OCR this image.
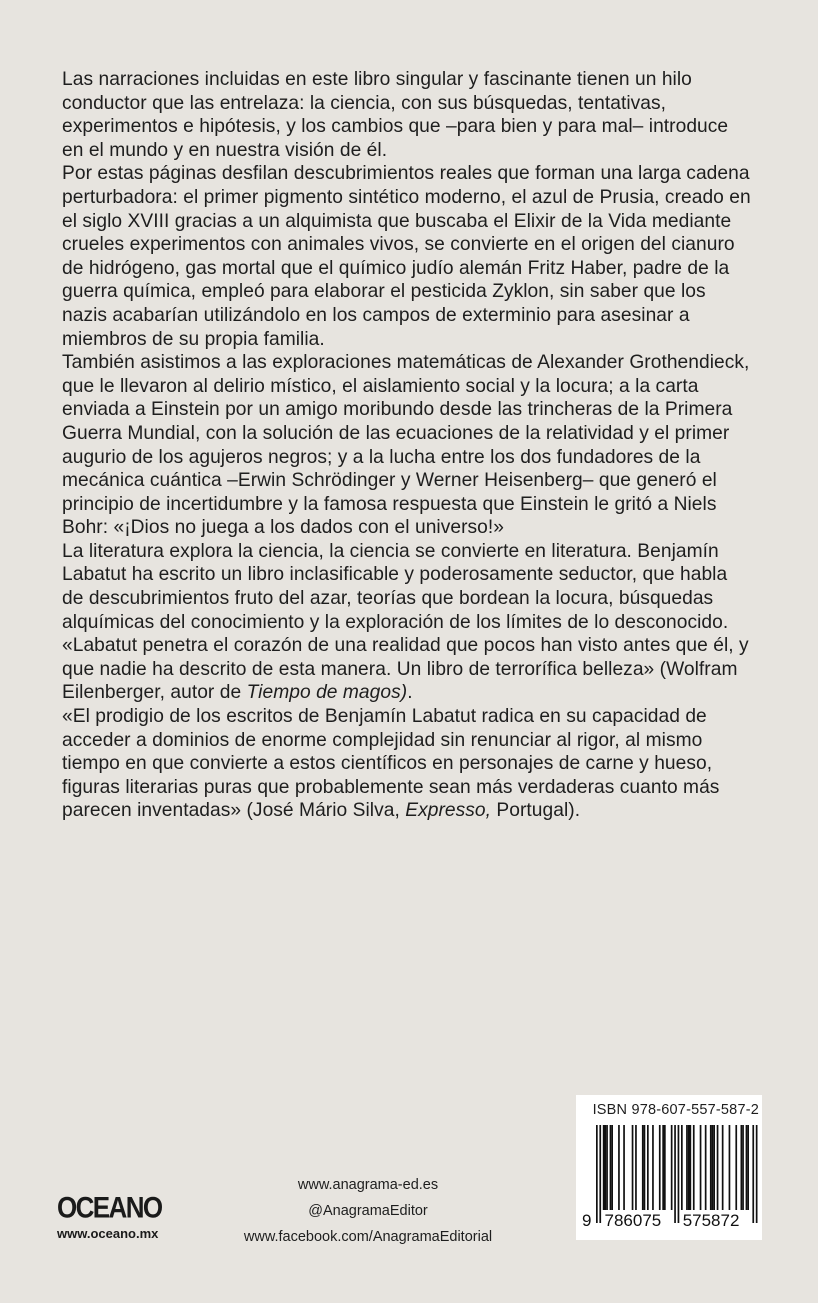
Las narraciones incluidas en este libro singular y fascinante tienen un hilo conductor que las entrelaza: la ciencia, con sus búsquedas, tentativas, experimentos e hipótesis, y los cambios que –para bien y para mal– introduce en el mundo y en nuestra visión de él.

Por estas páginas desfilan descubrimientos reales que forman una larga cadena perturbadora: el primer pigmento sintético moderno, el azul de Prusia, creado en el siglo XVIII gracias a un alquimista que buscaba el Elixir de la Vida mediante crueles experimentos con animales vivos, se convierte en el origen del cianuro de hidrógeno, gas mortal que el químico judío alemán Fritz Haber, padre de la guerra química, empleó para elaborar el pesticida Zyklon, sin saber que los nazis acabarían utilizándolo en los campos de exterminio para asesinar a miembros de su propia familia.

También asistimos a las exploraciones matemáticas de Alexander Grothendieck, que le llevaron al delirio místico, el aislamiento social y la locura; a la carta enviada a Einstein por un amigo moribundo desde las trincheras de la Primera Guerra Mundial, con la solución de las ecuaciones de la relatividad y el primer augurio de los agujeros negros; y a la lucha entre los dos fundadores de la mecánica cuántica –Erwin Schrödinger y Werner Heisenberg– que generó el principio de incertidumbre y la famosa respuesta que Einstein le gritó a Niels Bohr: «¡Dios no juega a los dados con el universo!»

La literatura explora la ciencia, la ciencia se convierte en literatura. Benjamín Labatut ha escrito un libro inclasificable y poderosamente seductor, que habla de descubrimientos fruto del azar, teorías que bordean la locura, búsquedas alquímicas del conocimiento y la exploración de los límites de lo desconocido.

«Labatut penetra el corazón de una realidad que pocos han visto antes que él, y que nadie ha descrito de esta manera. Un libro de terrorífica belleza» (Wolfram Eilenberger, autor de Tiempo de magos).

«El prodigio de los escritos de Benjamín Labatut radica en su capacidad de acceder a dominios de enorme complejidad sin renunciar al rigor, al mismo tiempo en que convierte a estos científicos en personajes de carne y hueso, figuras literarias puras que probablemente sean más verdaderas cuanto más parecen inventadas» (José Mário Silva, Expresso, Portugal).

ISBN 978-607-557-587-2
9 786075 575872
www.anagrama-ed.es
@AnagramaEditor
www.facebook.com/AnagramaEditorial
OCEANO
www.oceano.mx
